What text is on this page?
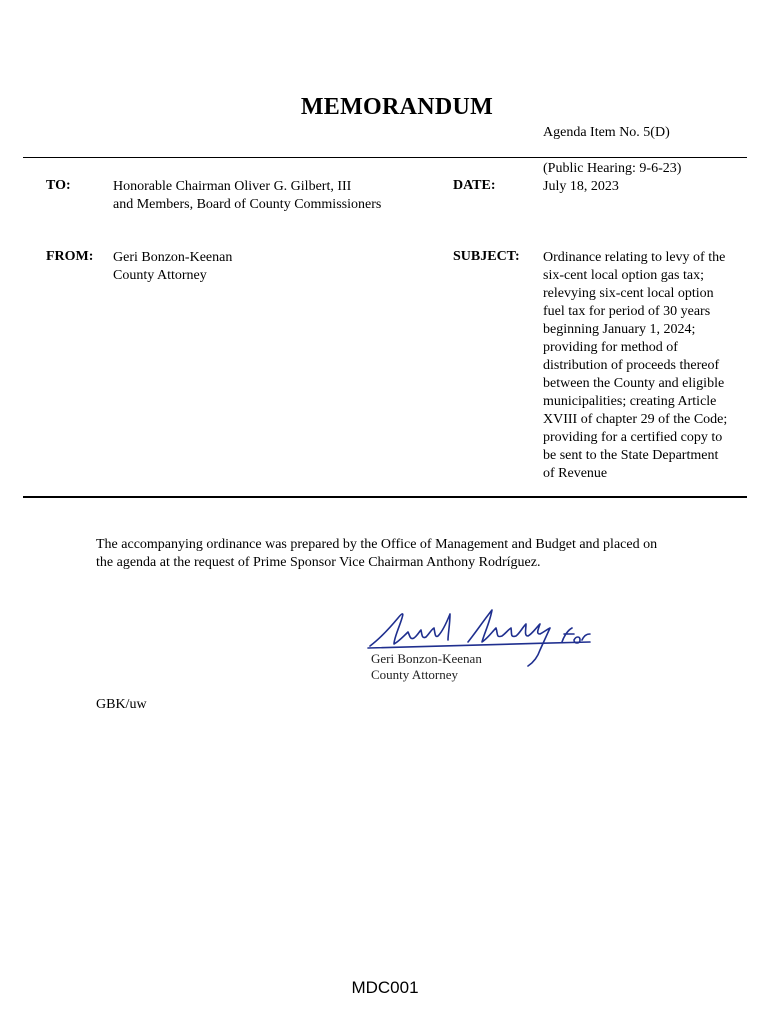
MEMORANDUM
Agenda Item No. 5(D)
TO:	Honorable Chairman Oliver G. Gilbert, III
and Members, Board of County Commissioners
DATE:
(Public Hearing: 9-6-23)
July 18, 2023
FROM: Geri Bonzon-Keenan
County Attorney
SUBJECT: Ordinance relating to levy of the
six-cent local option gas tax;
relevying six-cent local option
fuel tax for period of 30 years
beginning January 1, 2024;
providing for method of
distribution of proceeds thereof
between the County and eligible
municipalities; creating Article
XVIII of chapter 29 of the Code;
providing for a certified copy to
be sent to the State Department
of Revenue
The accompanying ordinance was prepared by the Office of Management and Budget and placed on
the agenda at the request of Prime Sponsor Vice Chairman Anthony Rodríguez.
Geri Bonzon-Keenan
County Attorney
GBK/uw
MDC001
